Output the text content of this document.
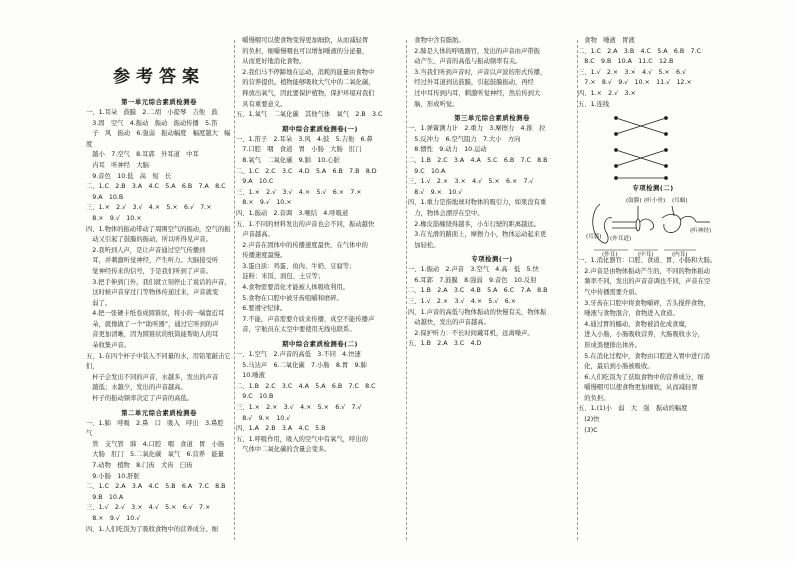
参考答案
第一单元综合素质检测卷

一、1.耳朵　鼓膜　2.二胡　小提琴　吉他　鼓

　3.固　空气　4.振动　振动　振动传播　5.笛

　子　风　振动　6.强弱　振动幅度　幅度越大　幅度

　越小　7.空气　8.耳郭　外耳道　中耳

　内耳　听神经　大脑

　9.音色　10.低　高　短　长

二、1.C　2.B　3.A　4.C　5.A　6.B　7.A　8.C

　9.A　10.B

三、1.×　2.√　3.√　4.×　5.×　6.√　7.×

　8.×　9.√　10.×

四、1.物体的振动带动了周围空气的振动，空气的振

　动又引起了鼓膜的振动，所以听得见声音。

　2.我听到人声，是让声音通过空气传播到

　耳，并刺激听觉神经，产生听力。大脑接受听

　觉神经传来的信号，于是我们听到了声音。

　3.把手伸到门外，我们就立刻停止了说话的声音，

　这时候声音穿过门等物体传递过来，声音就变

　弱了。

　4.把一张硬卡纸卷成圆锥状，将小的一端靠近耳

　朵，就像做了一个“助听器”，通过它听到的声

　音更加清晰，因为圆锥状的纸筒能帮助人的耳

　朵收集声音。

五、1.在四个杯子中装入不同量的水，用铅笔敲击它们，

　杯子会发出不同的声音，水越多，发出的声音

　越低；水越少，发出的声音越高。

　杯子的振动频率决定了声音的高低。

第二单元综合素质检测卷

一、1.肺　呼吸　2.鼻　口　吸入　呼出　3.鼻腔　气

　管　支气管　肺　4.口腔　咽　食道　胃　小肠

　大肠　肛门　5.二氧化碳　氧气　6.营养　能量

　7.动物　植物　8.门齿　犬齿　臼齿

　9.小肠　10.肝脏

二、1.C　2.A　3.A　4.C　5.B　6.A　7.C　8.B

　9.B　10.A

三、1.√　2.√　3.×　4.√　5.×　6.√　7.×

　8.×　9.√　10.√

四、1.人们吃饭为了吸收食物中的营养成分。细

　嚼慢咽可以使食物变得更加细软，从而减轻胃

　的负担，细嚼慢咽也可以增加唾液的分泌量，

　从而更好地消化食物。

　2.我们马不停蹄地在运动，消耗的能量由食物中

　的营养提供。植物能够吸收大气中的二氧化碳，

　释放出氧气，因此要保护植物，保护环境对我们

　具有重要意义。

五、1.氧气　二氧化碳　其他气体　氧气　2.B　3.C

期中综合素质检测卷(一)

一、1.笛子　2.耳朵　3.风　4.鼓　5.吉他　6.鼻

　7.口腔　咽　食道　胃　小肠　大肠　肛门

　8.氧气　二氧化碳　9.肺　10.心脏

二、1.C　2.C　3.C　4.D　5.A　6.B　7.B　8.D

　9.A　10.C

三、1.×　2.√　3.√　4.×　5.√　6.×　7.×

　8.×　9.√　10.×

四、1.振动　2.音调　3.喉结　4.呼吸道

五、1.不同的材料发出的声音也会不同，振动越快

　声音越高。

　2.声音在固体中的传播速度最快，在气体中的

　传播速度最慢。

　3.蛋白质：鸡蛋、鱼肉、牛奶、豆腐等；

　淀粉：米饭、面包、土豆等；

　4.食物需要消化才能被人体吸收利用。

　5.食物在口腔中被牙齿咀嚼和磨碎。

　6.要遵守纪律。

　7.不能，声音需要介质来传播，真空不能传播声

　音，宇航员在太空中要使用无线电联系。

期中综合素质检测卷(二)

一、1.空气　2.声音的高低　3.不同　4.快速

　5.马达声　6.二氧化碳　7.小肠　8.胃　9.肺

　10.唾液

二、1.B　2.C　3.C　4.A　5.A　6.B　7.C　8.C

　9.C　10.B

三、1.×　2.×　3.√　4.×　5.×　6.√　7.√

　8.√　9.×　10.√

四、1.A　2.B　3.A　4.C　5.B

五、1.呼吸作用，吸入的空气中有氧气，呼出的

　气体中二氧化碳的含量会变多。

　食物中含有脂肪。

　2.肺是人体的呼吸器官，发出的声音由声带振

　动产生，声音的高低与振动频率有关。

　3.当我们听到声音时，声音以声波的形式传播，

　经过外耳道到达鼓膜，引起鼓膜振动，再经

　过中耳传到内耳，刺激听觉神经，然后传到大

　脑，形成听觉。

第三单元综合素质检测卷

一、1.弹簧测力计　2.重力　3.摩擦力　4.推　拉

　5.反冲力　6.空气阻力　7.大小　方向

　8.惯性　9.动力　10.运动

二、1.B　2.C　3.A　4.A　5.C　6.B　7.C　8.B

　9.C　10.A

三、1.√　2.×　3.×　4.√　5.×　6.×　7.√

　8.√　9.×　10.√

四、1.重力是指地球对物体的吸引力，如果没有重

　力，物体会漂浮在空中。

　2.橡皮筋缠绕得越多，小车行驶的距离越远。

　3.在光滑的路面上，摩擦力小，物体运动起来更

　加轻松。

专项检测(一)

一、1.振动　2.声音　3.空气　4.高　低　5.快

　6.耳郭　7.鼓膜　8.强弱　9.音色　10.反射

二、1.B　2.A　3.C　4.B　5.A　6.C　7.A　8.B

三、1.√　2.×　3.√　4.×　5.√　6.×

四、1.声音的高低与物体振动的快慢有关，物体振

　动越快，发出的声音越高。

　2.保护听力：不长时间戴耳机，远离噪声。

五、1.B　2.A　3.C　4.D

　食物　唾液　胃液

二、1.C　2.A　3.B　4.C　5.A　6.B　7.C

　8.C　9.B　10.A　11.C　12.B

三、1.√　2.×　3.×　4.√　5.×　6.√

　7.×　8.√　9.√　10.×　11.√　12.×

四、1.×　2.√　3.×

五、1.连线

专项检测(二)
(鼓膜)
(耳郭) (外耳道)
(听小骨) (耳蜗)
(听神经)
(外耳)	(中耳)	(内耳)

一、1.消化器官：口腔、食道、胃、小肠和大肠。

　2.声音是由物体振动产生的，不同的物体振动

　频率不同，发出的声音音调也不同，声音在空

　气中传播需要介质。

　3.牙齿在口腔中将食物嚼碎，舌头搅拌食物，

　唾液与食物混合，食物进入食道。

　4.通过胃的蠕动，食物被消化成食糜，

　进入小肠，小肠吸收营养，大肠吸收水分，

　形成粪便排出体外。

　5.在消化过程中，食物由口腔进入胃中进行消

　化，最后到小肠被吸收。

　6.人们吃饭为了获取食物中的营养成分，细

　嚼慢咽可以使食物更加细软，从而减轻胃

　的负担。

五、1.(1)小　弱　大　强　振动的幅度

　(2)快

　(3)C
